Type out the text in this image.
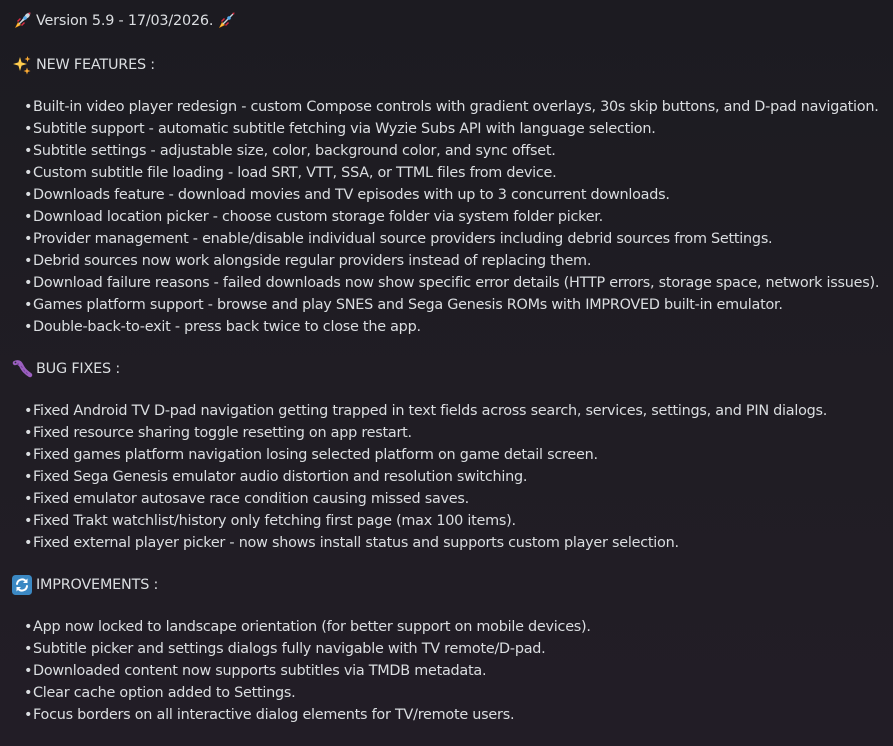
Version 5.9 - 17/03/2026.
NEW FEATURES :
•Built-in video player redesign - custom Compose controls with gradient overlays, 30s skip buttons, and D-pad navigation.
•Subtitle support - automatic subtitle fetching via Wyzie Subs API with language selection.
•Subtitle settings - adjustable size, color, background color, and sync offset.
•Custom subtitle file loading - load SRT, VTT, SSA, or TTML files from device.
•Downloads feature - download movies and TV episodes with up to 3 concurrent downloads.
•Download location picker - choose custom storage folder via system folder picker.
•Provider management - enable/disable individual source providers including debrid sources from Settings.
•Debrid sources now work alongside regular providers instead of replacing them.
•Download failure reasons - failed downloads now show specific error details (HTTP errors, storage space, network issues).
•Games platform support - browse and play SNES and Sega Genesis ROMs with IMPROVED built-in emulator.
•Double-back-to-exit - press back twice to close the app.
BUG FIXES :
•Fixed Android TV D-pad navigation getting trapped in text fields across search, services, settings, and PIN dialogs.
•Fixed resource sharing toggle resetting on app restart.
•Fixed games platform navigation losing selected platform on game detail screen.
•Fixed Sega Genesis emulator audio distortion and resolution switching.
•Fixed emulator autosave race condition causing missed saves.
•Fixed Trakt watchlist/history only fetching first page (max 100 items).
•Fixed external player picker - now shows install status and supports custom player selection.
IMPROVEMENTS :
•App now locked to landscape orientation (for better support on mobile devices).
•Subtitle picker and settings dialogs fully navigable with TV remote/D-pad.
•Downloaded content now supports subtitles via TMDB metadata.
•Clear cache option added to Settings.
•Focus borders on all interactive dialog elements for TV/remote users.
